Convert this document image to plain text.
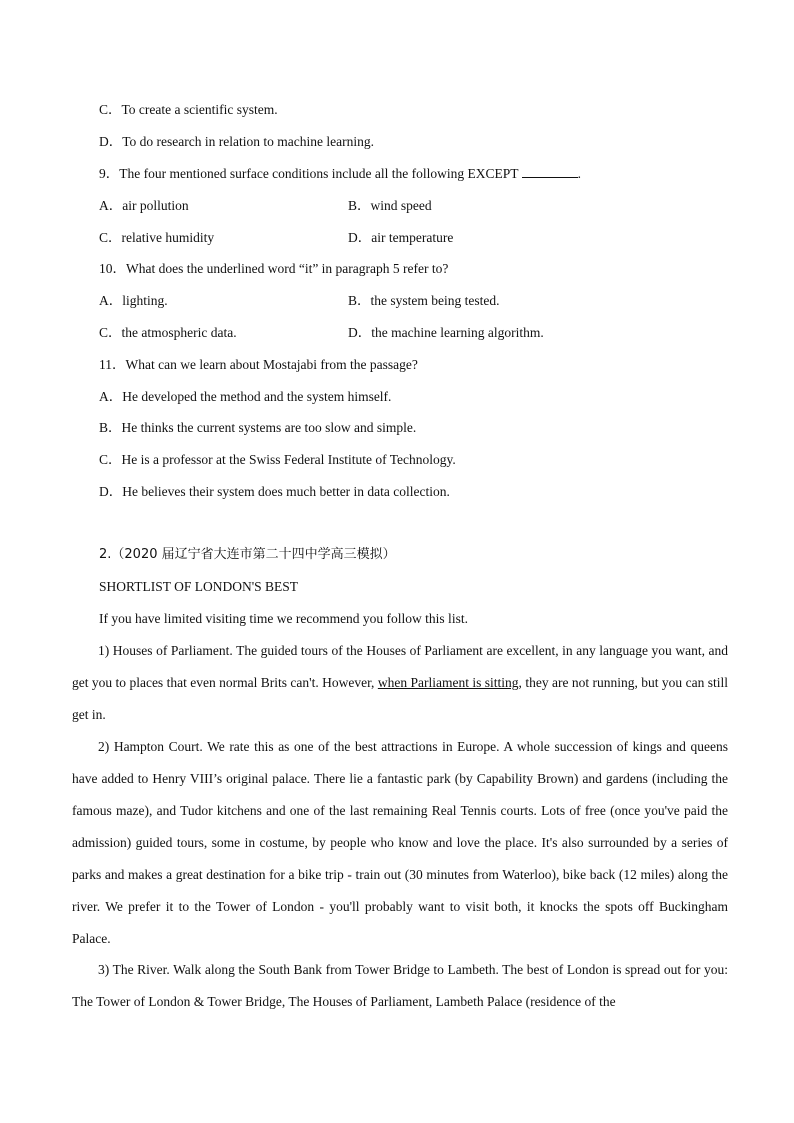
C．To create a scientific system.
D．To do research in relation to machine learning.
9．The four mentioned surface conditions include all the following EXCEPT	.
A．air pollution	B．wind speed
C．relative humidity	D．air temperature
10．What does the underlined word “it” in paragraph 5 refer to?
A．lighting.	B．the system being tested.
C．the atmospheric data.	D．the machine learning algorithm.
11．What can we learn about Mostajabi from the passage?
A．He developed the method and the system himself.
B．He thinks the current systems are too slow and simple.
C．He is a professor at the Swiss Federal Institute of Technology.
D．He believes their system does much better in data collection.
2.（2020 届辽宁省大连市第二十四中学高三模拟）
SHORTLIST OF LONDON'S BEST
If you have limited visiting time we recommend you follow this list.
1) Houses of Parliament. The guided tours of the Houses of Parliament are excellent, in any language you want, and get you to places that even normal Brits can't. However, when Parliament is sitting, they are not running, but you can still get in.
2) Hampton Court. We rate this as one of the best attractions in Europe. A whole succession of kings and queens have added to Henry VIII’s original palace. There lie a fantastic park (by Capability Brown) and gardens (including the famous maze), and Tudor kitchens and one of the last remaining Real Tennis courts. Lots of free (once you've paid the admission) guided tours, some in costume, by people who know and love the place. It's also surrounded by a series of parks and makes a great destination for a bike trip - train out (30 minutes from Waterloo), bike back (12 miles) along the river. We prefer it to the Tower of London - you'll probably want to visit both, it knocks the spots off Buckingham Palace.
3) The River. Walk along the South Bank from Tower Bridge to Lambeth. The best of London is spread out for you: The Tower of London & Tower Bridge, The Houses of Parliament, Lambeth Palace (residence of the
